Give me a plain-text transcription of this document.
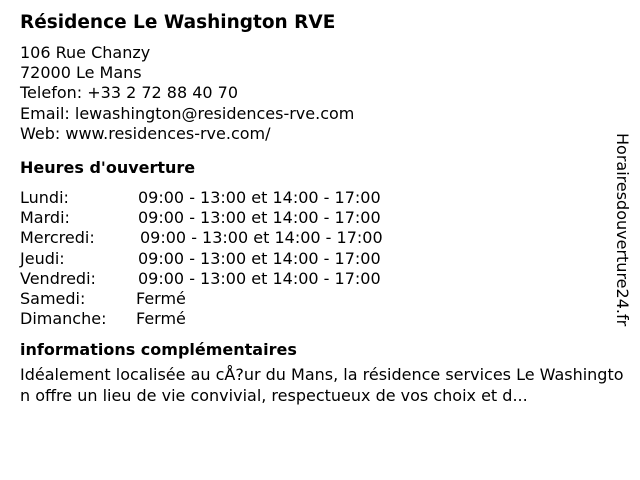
Résidence Le Washington RVE
106 Rue Chanzy
72000 Le Mans
Telefon: +33 2 72 88 40 70
Email: lewashington@residences-rve.com
Web: www.residences-rve.com/
Heures d'ouverture
Lundi:	09:00 - 13:00 et 14:00 - 17:00
Mardi:	09:00 - 13:00 et 14:00 - 17:00
Mercredi:	09:00 - 13:00 et 14:00 - 17:00
Jeudi:	09:00 - 13:00 et 14:00 - 17:00
Vendredi:	09:00 - 13:00 et 14:00 - 17:00
Samedi:	Fermé
Dimanche:	Fermé
informations complémentaires
Idéalement localisée au cÅ?ur du Mans, la résidence services Le Washington offre un lieu de vie convivial, respectueux de vos choix et d...
Horairesdouverture24.fr
